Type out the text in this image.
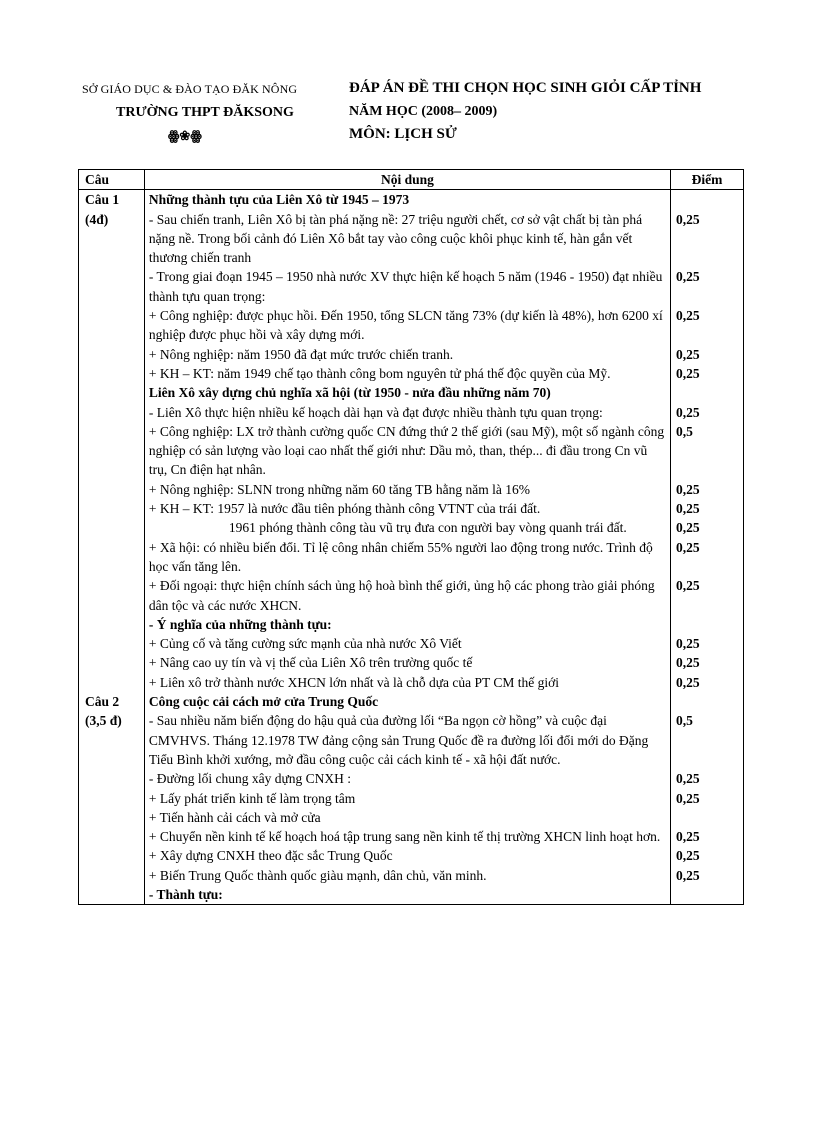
SỞ GIÁO DỤC & ĐÀO TẠO ĐĂK NÔNG
TRƯỜNG THPT ĐĂKSONG
ꙮ❀ꙮ
ĐÁP ÁN ĐỀ THI CHỌN HỌC SINH GIỎI CẤP TỈNH
NĂM HỌC (2008– 2009)
MÔN: LỊCH SỬ
Câu	Nội dung	Điểm
Câu 1	Những thành tựu của Liên Xô từ 1945 – 1973	
(4đ)	- Sau chiến tranh, Liên Xô bị tàn phá nặng nề: 27 triệu người chết, cơ sở vật chất bị tàn phá nặng nề. Trong bối cảnh đó Liên Xô bắt tay vào công cuộc khôi phục kinh tế, hàn gắn vết thương chiến tranh	0,25
	- Trong giai đoạn 1945 – 1950 nhà nước XV thực hiện kế hoạch 5 năm (1946 - 1950) đạt nhiều thành tựu quan trọng:	0,25
	+ Công nghiệp: được phục hồi. Đến 1950, tổng SLCN tăng 73% (dự kiến là 48%), hơn 6200 xí nghiệp được phục hồi và xây dựng mới.	0,25
	+ Nông nghiệp: năm 1950 đã đạt mức trước chiến tranh.	0,25
	+ KH – KT: năm 1949 chế tạo thành công bom nguyên tử phá thế độc quyền của Mỹ.	0,25
	Liên Xô xây dựng chủ nghĩa xã hội (từ 1950 - nửa đầu những năm 70)	
	- Liên Xô thực hiện nhiều kế hoạch dài hạn và đạt được nhiều thành tựu quan trọng:	0,25
	+ Công nghiệp: LX trở thành cường quốc CN đứng thứ 2 thế giới (sau Mỹ), một số ngành công nghiệp có sản lượng vào loại cao nhất thế giới như: Dầu mỏ, than, thép... đi đầu trong Cn vũ trụ, Cn điện hạt nhân.	0,5
	+ Nông nghiệp: SLNN trong những năm 60 tăng TB hằng năm là 16%	0,25
	+ KH – KT: 1957 là nước đầu tiên phóng thành công VTNT của trái đất.	0,25
	1961 phóng thành công tàu vũ trụ đưa con người bay vòng quanh trái đất.	0,25
	+ Xã hội: có nhiều biến đổi. Tỉ lệ công nhân chiếm 55% người lao động trong nước. Trình độ học vấn tăng lên.	0,25
	+ Đối ngoại: thực hiện chính sách ủng hộ hoà bình thế giới, ủng hộ các phong trào giải phóng dân tộc và các nước XHCN.	0,25
	- Ý nghĩa của những thành tựu:	
	+ Củng cố và tăng cường sức mạnh của nhà nước Xô Viết	0,25
	+ Nâng cao uy tín và vị thế của Liên Xô trên trường quốc tế	0,25
	+ Liên xô trở thành nước XHCN lớn nhất và là chỗ dựa của PT CM thế giới	0,25
Câu 2	Công cuộc cải cách mở cửa Trung Quốc	
(3,5 đ)	- Sau nhiều năm biến động do hậu quả của đường lối “Ba ngọn cờ hồng” và cuộc đại CMVHVS. Tháng 12.1978 TW đảng cộng sản Trung Quốc đề ra đường lối đổi mới do Đặng Tiểu Bình khởi xướng, mở đầu công cuộc cải cách kinh tế - xã hội đất nước.	0,5
	- Đường lối chung xây dựng CNXH :	0,25
	+ Lấy phát triển kinh tế làm trọng tâm	0,25
	+ Tiến hành cải cách và mở cửa	
	+ Chuyển nền kinh tế kế hoạch hoá tập trung sang nền kinh tế thị trường XHCN linh hoạt hơn.	0,25
	+ Xây dựng CNXH theo đặc sắc Trung Quốc	0,25
	+ Biến Trung Quốc thành quốc giàu mạnh, dân chủ, văn minh.	0,25
	- Thành tựu:	
